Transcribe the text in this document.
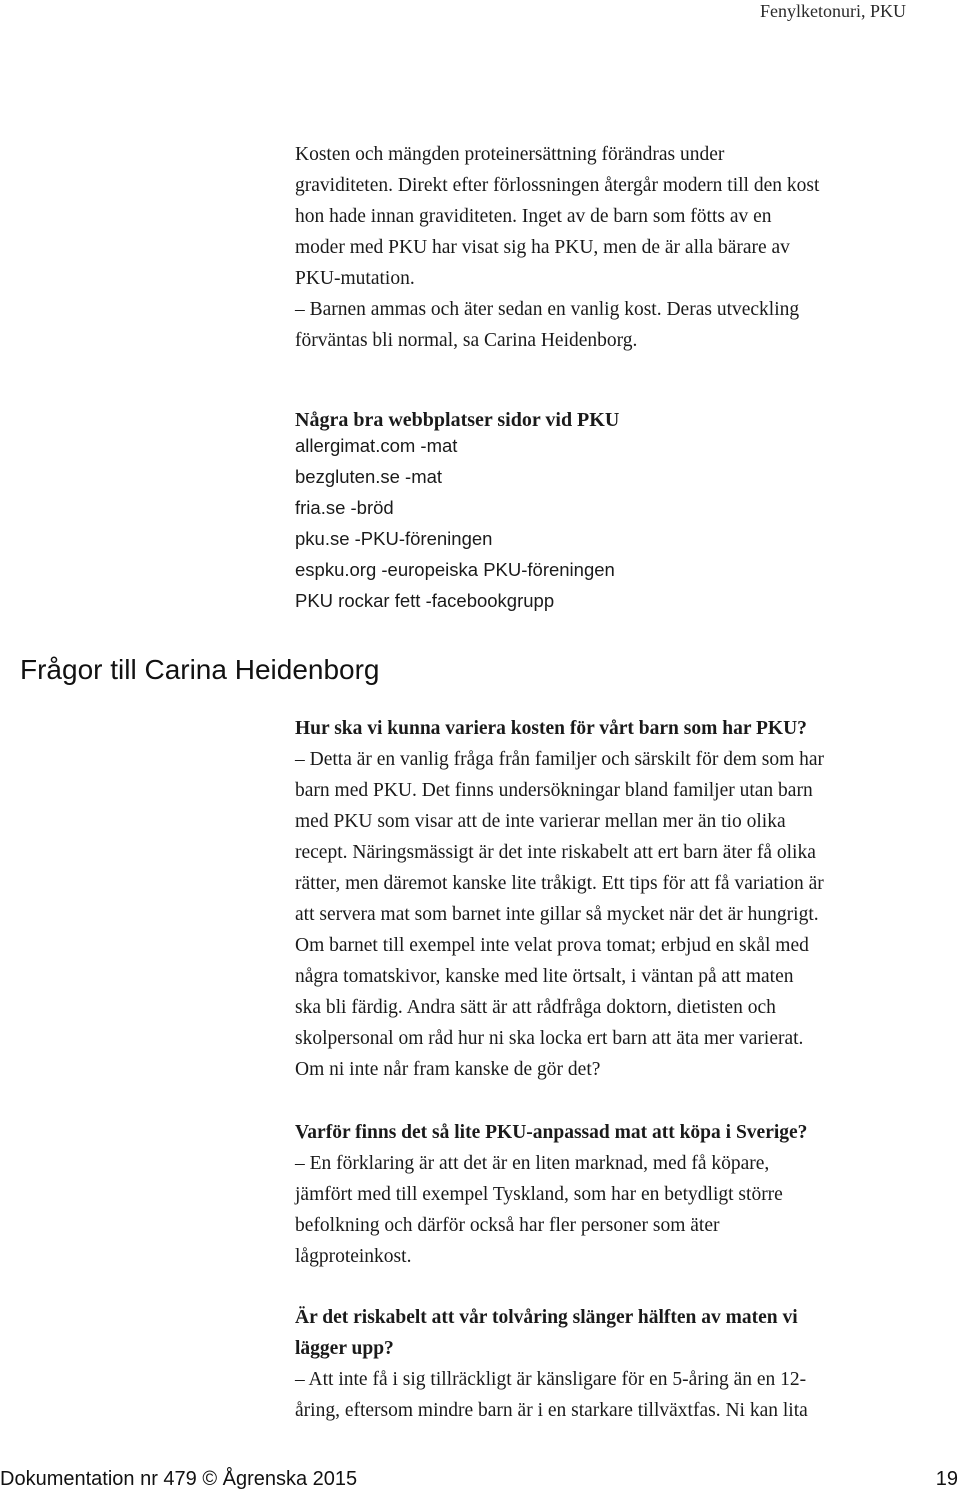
Fenylketonuri, PKU

Kosten och mängden proteinersättning förändras under

graviditeten. Direkt efter förlossningen återgår modern till den kost

hon hade innan graviditeten. Inget av de barn som fötts av en

moder med PKU har visat sig ha PKU, men de är alla bärare av

PKU-mutation.

– Barnen ammas och äter sedan en vanlig kost. Deras utveckling

förväntas bli normal, sa Carina Heidenborg.

Några bra webbplatser sidor vid PKU

allergimat.com -mat

bezgluten.se -mat

fria.se -bröd

pku.se -PKU-föreningen

espku.org -europeiska PKU-föreningen

PKU rockar fett -facebookgrupp

Frågor till Carina Heidenborg

Hur ska vi kunna variera kosten för vårt barn som har PKU?

– Detta är en vanlig fråga från familjer och särskilt för dem som har

barn med PKU. Det finns undersökningar bland familjer utan barn

med PKU som visar att de inte varierar mellan mer än tio olika

recept. Näringsmässigt är det inte riskabelt att ert barn äter få olika

rätter, men däremot kanske lite tråkigt. Ett tips för att få variation är

att servera mat som barnet inte gillar så mycket när det är hungrigt.

Om barnet till exempel inte velat prova tomat; erbjud en skål med

några tomatskivor, kanske med lite örtsalt, i väntan på att maten

ska bli färdig. Andra sätt är att rådfråga doktorn, dietisten och

skolpersonal om råd hur ni ska locka ert barn att äta mer varierat.

Om ni inte når fram kanske de gör det?

Varför finns det så lite PKU-anpassad mat att köpa i Sverige?

– En förklaring är att det är en liten marknad, med få köpare,

jämfört med till exempel Tyskland, som har en betydligt större

befolkning och därför också har fler personer som äter

lågproteinkost.

Är det riskabelt att vår tolvåring slänger hälften av maten vi

lägger upp?

– Att inte få i sig tillräckligt är känsligare för en 5-åring än en 12-

åring, eftersom mindre barn är i en starkare tillväxtfas. Ni kan lita

Dokumentation nr 479 © Ågrenska 2015	19
